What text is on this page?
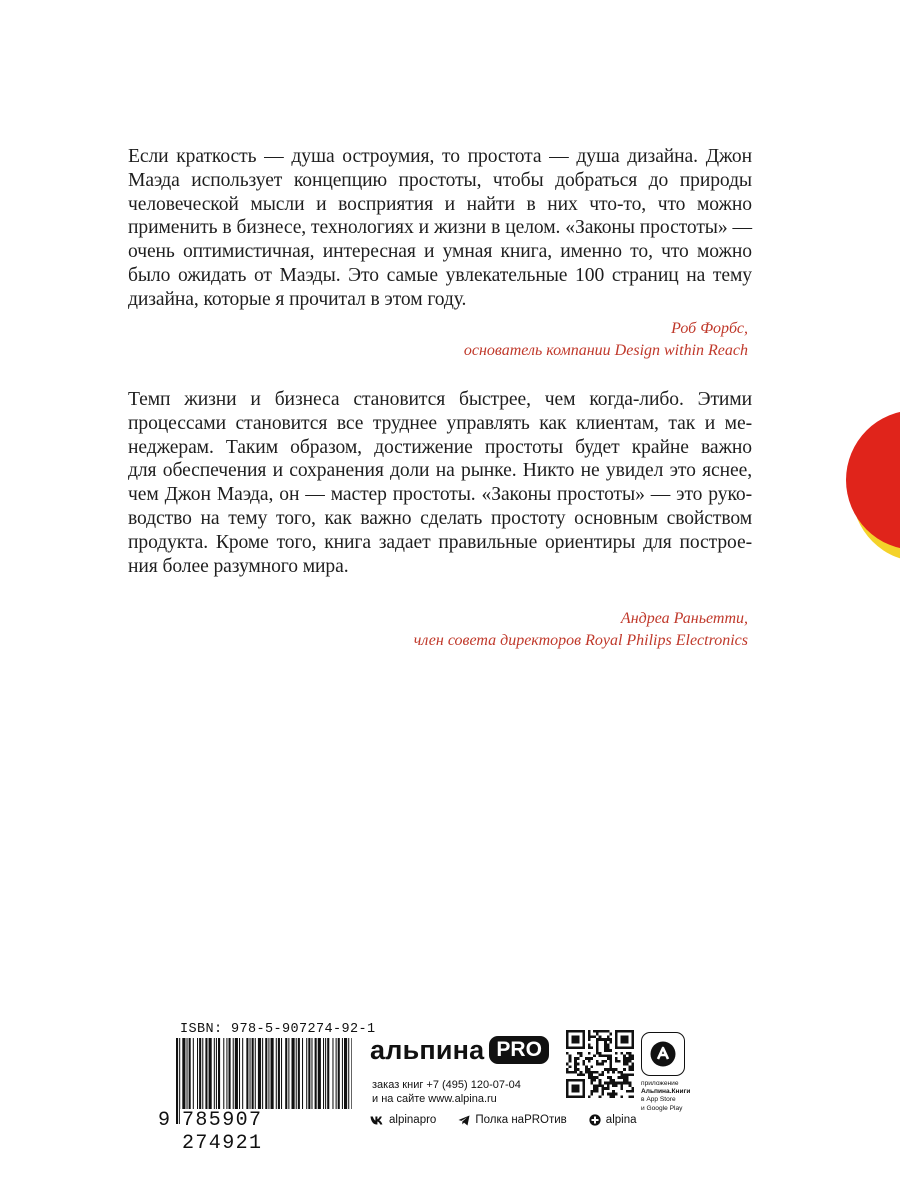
Если краткость — душа остроумия, то простота — душа дизайна. Джон
Маэда использует концепцию простоты, чтобы добраться до природы
человеческой мысли и восприятия и найти в них что-то, что можно
применить в бизнесе, технологиях и жизни в целом. «Законы простоты» —
очень оптимистичная, интересная и умная книга, именно то, что можно
было ожидать от Маэды. Это самые увлекательные 100 страниц на тему
дизайна, которые я прочитал в этом году.
Роб Форбс,
основатель компании Design within Reach
Темп жизни и бизнеса становится быстрее, чем когда-либо. Этими
процессами становится все труднее управлять как клиентам, так и ме-
неджерам. Таким образом, достижение простоты будет крайне важно
для обеспечения и сохранения доли на рынке. Никто не увидел это яснее,
чем Джон Маэда, он — мастер простоты. «Законы простоты» — это руко-
водство на тему того, как важно сделать простоту основным свойством
продукта. Кроме того, книга задает правильные ориентиры для построе-
ния более разумного мира.
Андреа Раньетти,
член совета директоров Royal Philips Electronics
ISBN: 978-5-907274-92-1
9 785907 274921
альпина PRO
заказ книг +7 (495) 120-07-04
и на сайте www.alpina.ru
alpinapro	Полка наPROтив	alpina
приложение
Альпина.Книги
в App Store
и Google Play
